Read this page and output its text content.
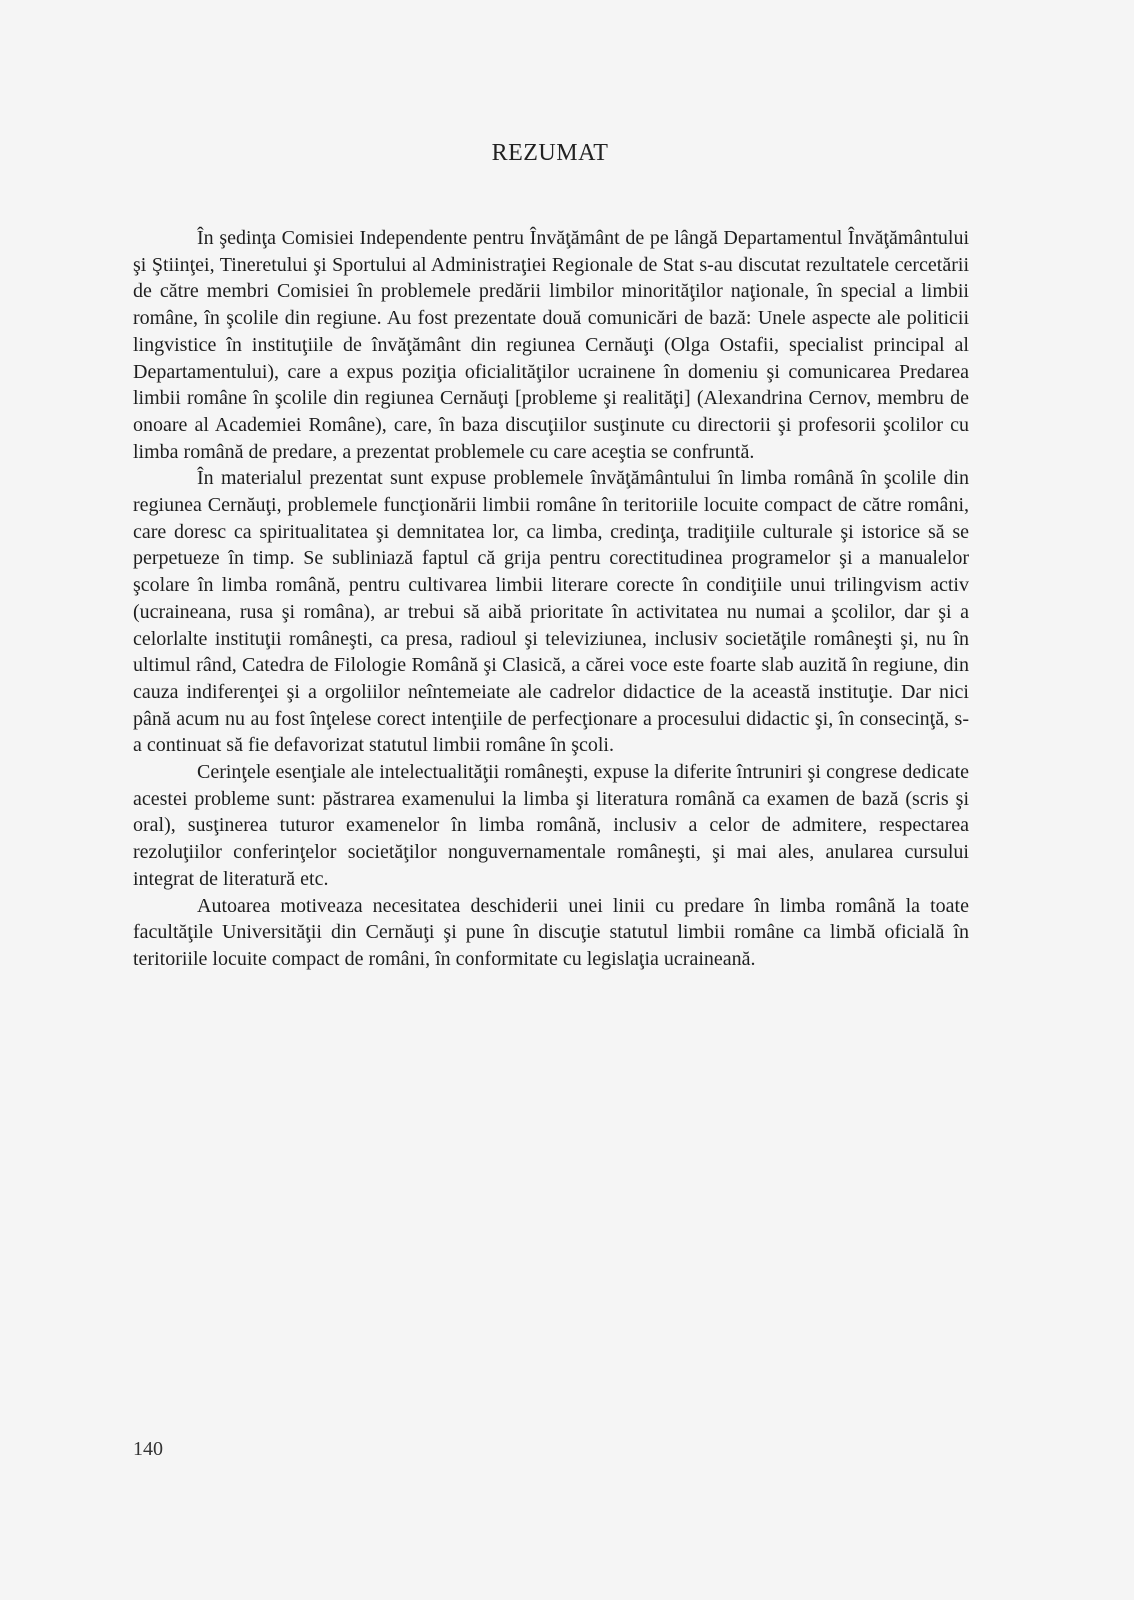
REZUMAT

În şedinţa Comisiei Independente pentru Învăţământ de pe lângă Departamentul Învăţământului şi Ştiinţei, Tineretului şi Sportului al Administraţiei Regionale de Stat s-au discutat rezultatele cercetării de către membri Comisiei în problemele predării limbilor minorităţilor naţionale, în special a limbii române, în şcolile din regiune. Au fost prezentate două comunicări de bază: Unele aspecte ale politicii lingvistice în instituţiile de învăţământ din regiunea Cernăuţi (Olga Ostafii, specialist principal al Departamentului), care a expus poziţia oficialităţilor ucrainene în domeniu şi comunicarea Predarea limbii române în şcolile din regiunea Cernăuţi [probleme şi realităţi] (Alexandrina Cernov, membru de onoare al Academiei Române), care, în baza discuţiilor susţinute cu directorii şi profesorii şcolilor cu limba română de predare, a prezentat problemele cu care aceştia se confruntă.

În materialul prezentat sunt expuse problemele învăţământului în limba română în şcolile din regiunea Cernăuţi, problemele funcţionării limbii române în teritoriile locuite compact de către români, care doresc ca spiritualitatea şi demnitatea lor, ca limba, credinţa, tradiţiile culturale şi istorice să se perpetueze în timp. Se subliniază faptul că grija pentru corectitudinea programelor şi a manualelor şcolare în limba română, pentru cultivarea limbii literare corecte în condiţiile unui trilingvism activ (ucraineana, rusa şi româna), ar trebui să aibă prioritate în activitatea nu numai a şcolilor, dar şi a celorlalte instituţii româneşti, ca presa, radioul şi televiziunea, inclusiv societăţile româneşti şi, nu în ultimul rând, Catedra de Filologie Română şi Clasică, a cărei voce este foarte slab auzită în regiune, din cauza indiferenţei şi a orgoliilor neîntemeiate ale cadrelor didactice de la această instituţie. Dar nici până acum nu au fost înţelese corect intenţiile de perfecţionare a procesului didactic şi, în consecinţă, s-a continuat să fie defavorizat statutul limbii române în şcoli.

Cerinţele esenţiale ale intelectualităţii româneşti, expuse la diferite întruniri şi congrese dedicate acestei probleme sunt: păstrarea examenului la limba şi literatura română ca examen de bază (scris şi oral), susţinerea tuturor examenelor în limba română, inclusiv a celor de admitere, respectarea rezoluţiilor conferinţelor societăţilor nonguvernamentale româneşti, şi mai ales, anularea cursului integrat de literatură etc.

Autoarea motiveaza necesitatea deschiderii unei linii cu predare în limba română la toate facultăţile Universităţii din Cernăuţi şi pune în discuţie statutul limbii române ca limbă oficială în teritoriile locuite compact de români, în conformitate cu legislaţia ucraineană.

140
